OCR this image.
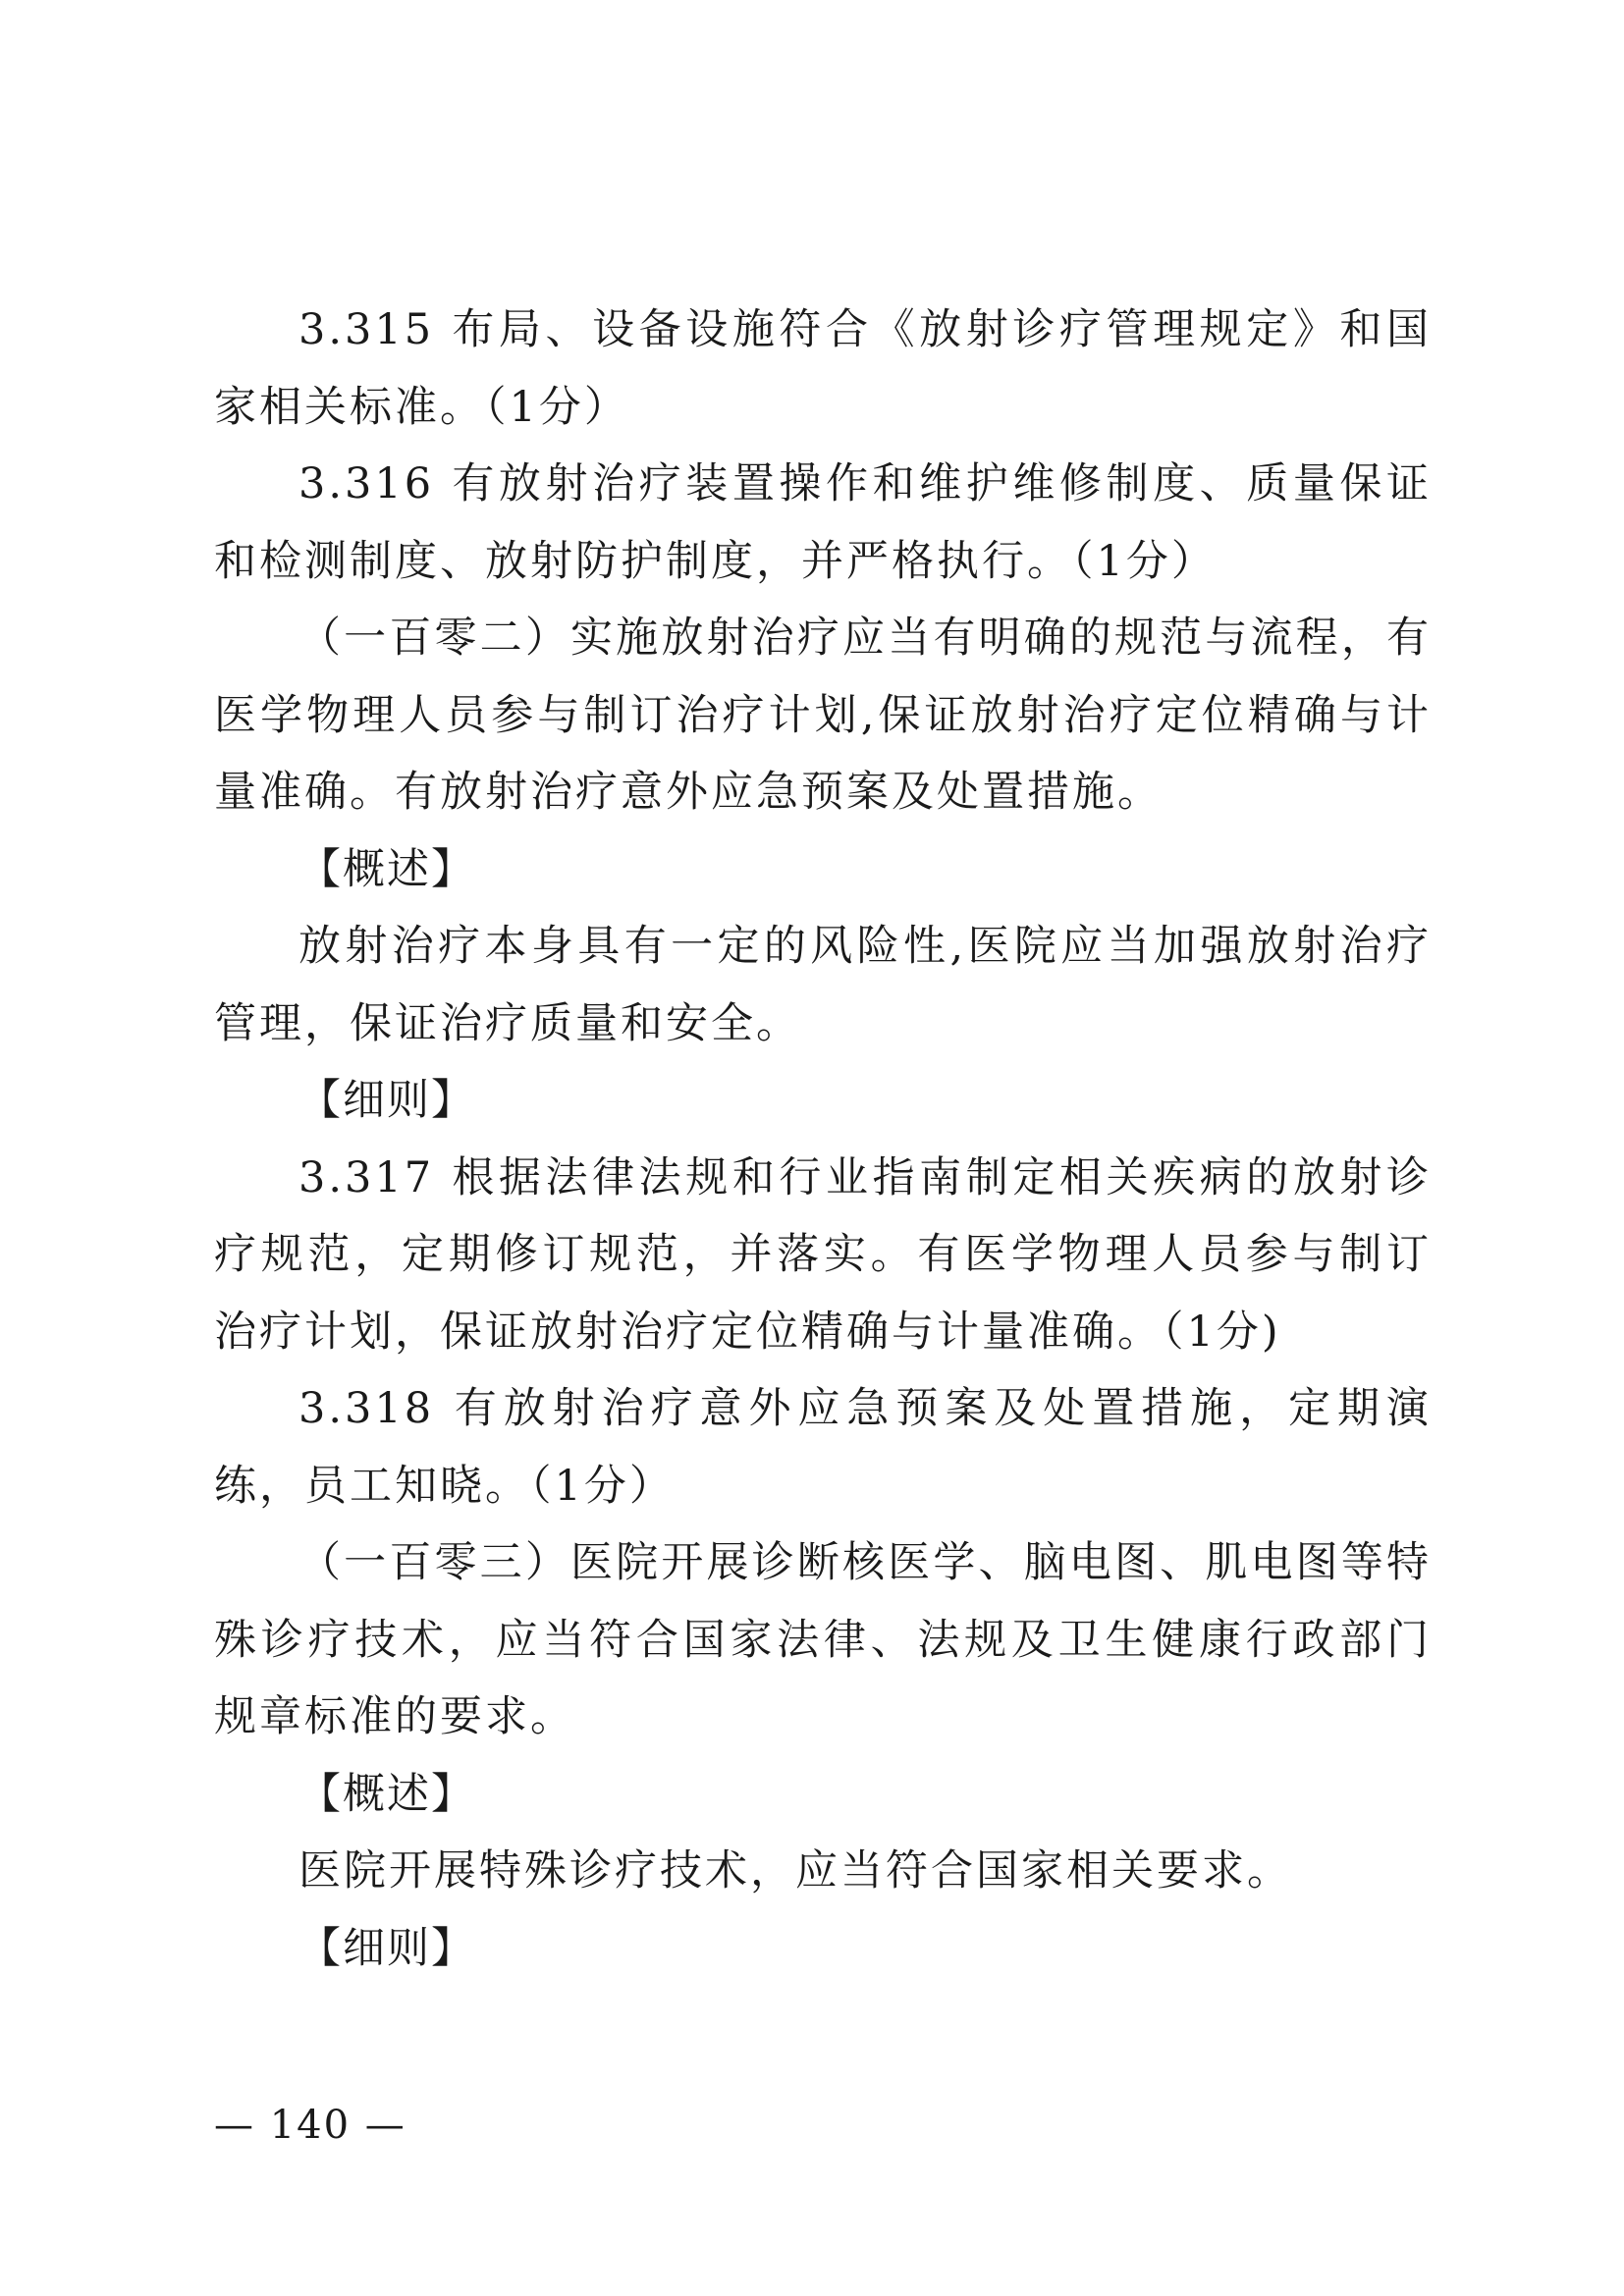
3.315 布局、设备设施符合《放射诊疗管理规定》和国家相关标准。（1分）

3.316 有放射治疗装置操作和维护维修制度、质量保证和检测制度、放射防护制度，并严格执行。（1分）

（一百零二）实施放射治疗应当有明确的规范与流程，有医学物理人员参与制订治疗计划,保证放射治疗定位精确与计量准确。有放射治疗意外应急预案及处置措施。

【概述】

放射治疗本身具有一定的风险性,医院应当加强放射治疗管理，保证治疗质量和安全。

【细则】

3.317 根据法律法规和行业指南制定相关疾病的放射诊疗规范，定期修订规范，并落实。有医学物理人员参与制订治疗计划，保证放射治疗定位精确与计量准确。（1分)

3.318 有放射治疗意外应急预案及处置措施，定期演练，员工知晓。（1分）

（一百零三）医院开展诊断核医学、脑电图、肌电图等特殊诊疗技术，应当符合国家法律、法规及卫生健康行政部门规章标准的要求。

【概述】

医院开展特殊诊疗技术，应当符合国家相关要求。

【细则】

— 140 —
